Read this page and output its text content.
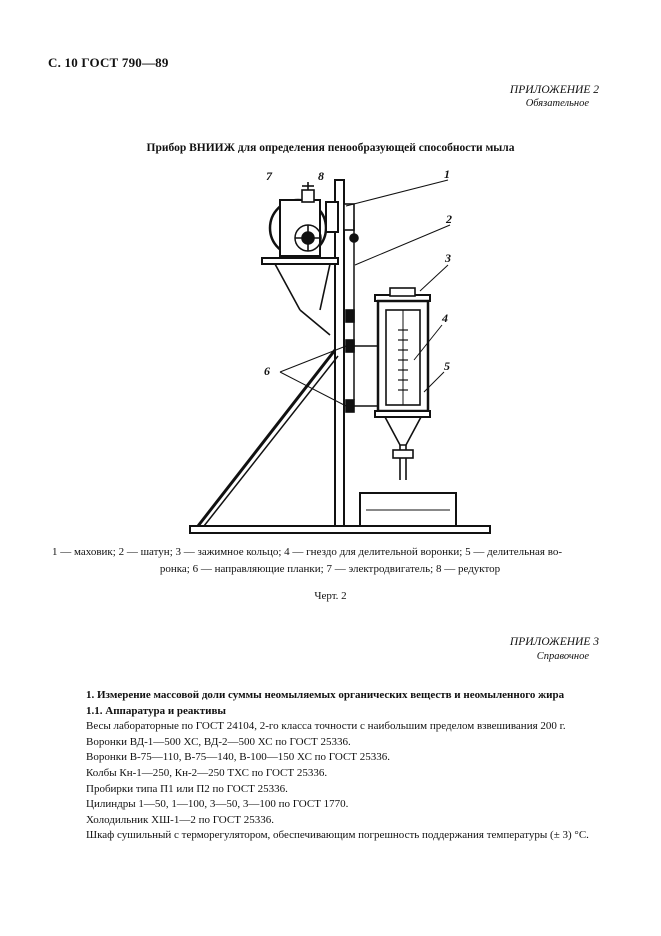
С. 10 ГОСТ 790—89
ПРИЛОЖЕНИЕ 2
Обязательное
Прибор ВНИИЖ для определения пенообразующей способности мыла
1
2
3
4
5
6
7	8
1 — маховик; 2 — шатун; 3 — зажимное кольцо; 4 — гнездо для делительной воронки; 5 — делительная во-
ронка; 6 — направляющие планки; 7 — электродвигатель; 8 — редуктор
Черт. 2
ПРИЛОЖЕНИЕ 3
Справочное
1. Измерение массовой доли суммы неомыляемых органических веществ и неомыленного жира
1.1. Аппаратура и реактивы
Весы лабораторные по ГОСТ 24104, 2-го класса точности с наибольшим пределом взвешивания 200 г.
Воронки ВД-1—500 ХС, ВД-2—500 ХС по ГОСТ 25336.
Воронки В-75—110, В-75—140, В-100—150 ХС по ГОСТ 25336.
Колбы Кн-1—250, Кн-2—250 ТХС по ГОСТ 25336.
Пробирки типа П1 или П2 по ГОСТ 25336.
Цилиндры 1—50, 1—100, 3—50, 3—100 по ГОСТ 1770.
Холодильник ХШ-1—2 по ГОСТ 25336.
Шкаф сушильный с терморегулятором, обеспечивающим погрешность поддержания температуры (± 3) °С.
